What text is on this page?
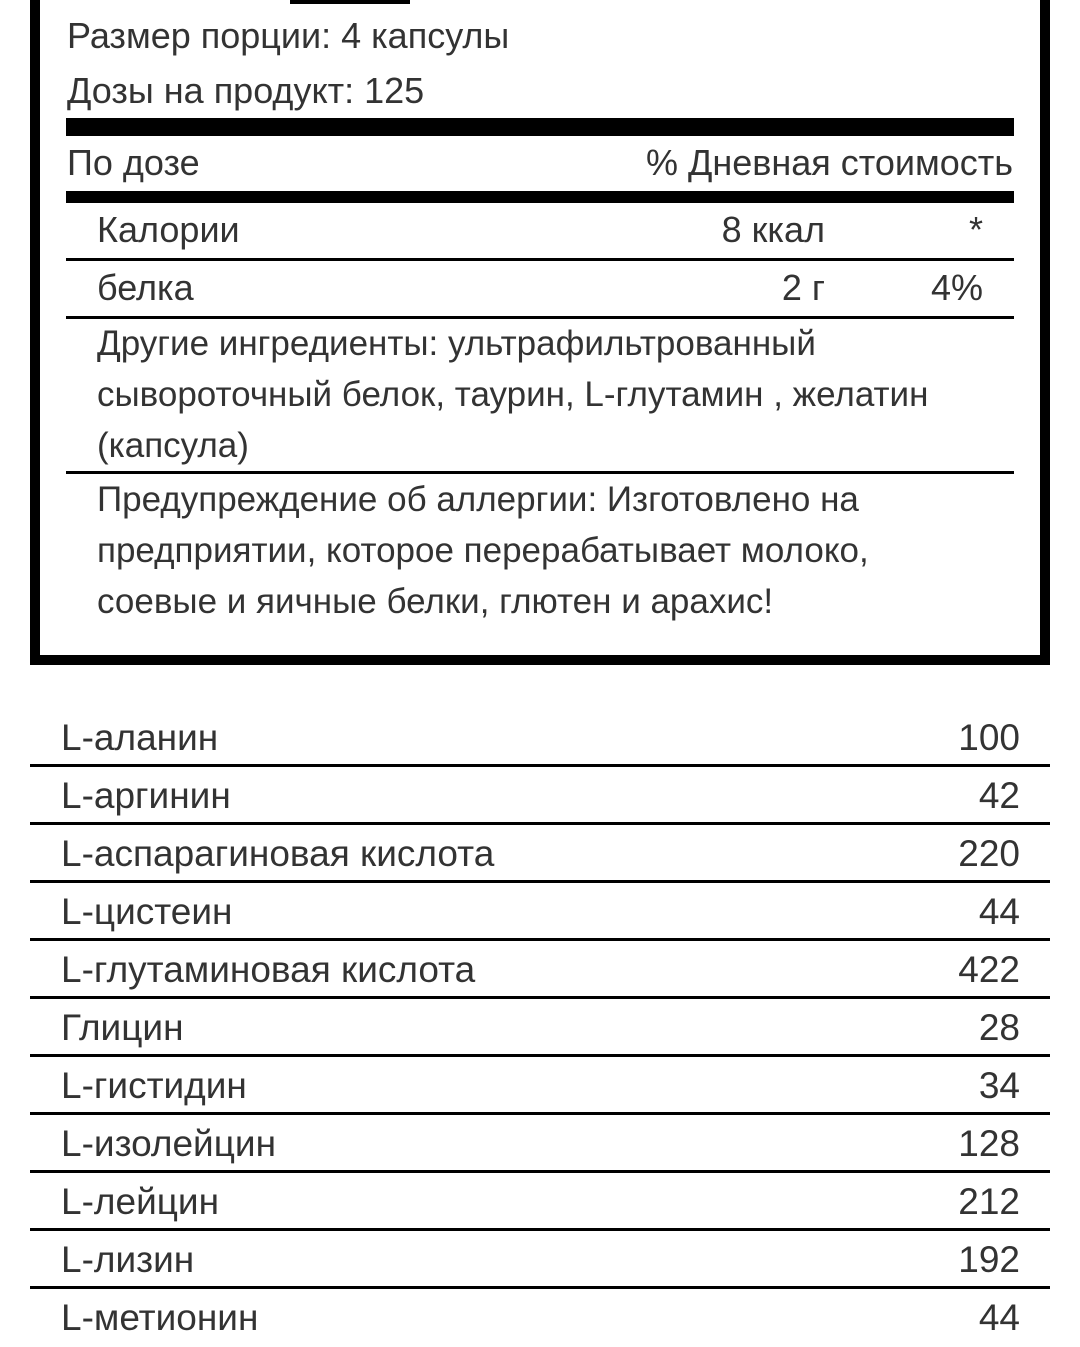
Размер порции: 4 капсулы
Дозы на продукт: 125
По дозе	% Дневная стоимость
Калории	8 ккал	*
белка	2 г	4%
Другие ингредиенты: ультрафильтрованный
сывороточный белок, таурин, L-глутамин , желатин
(капсула)
Предупреждение об аллергии: Изготовлено на
предприятии, которое перерабатывает молоко,
соевые и яичные белки, глютен и арахис!
L-аланин	100
L-аргинин	42
L-аспарагиновая кислота	220
L-цистеин	44
L-глутаминовая кислота	422
Глицин	28
L-гистидин	34
L-изолейцин	128
L-лейцин	212
L-лизин	192
L-метионин	44
